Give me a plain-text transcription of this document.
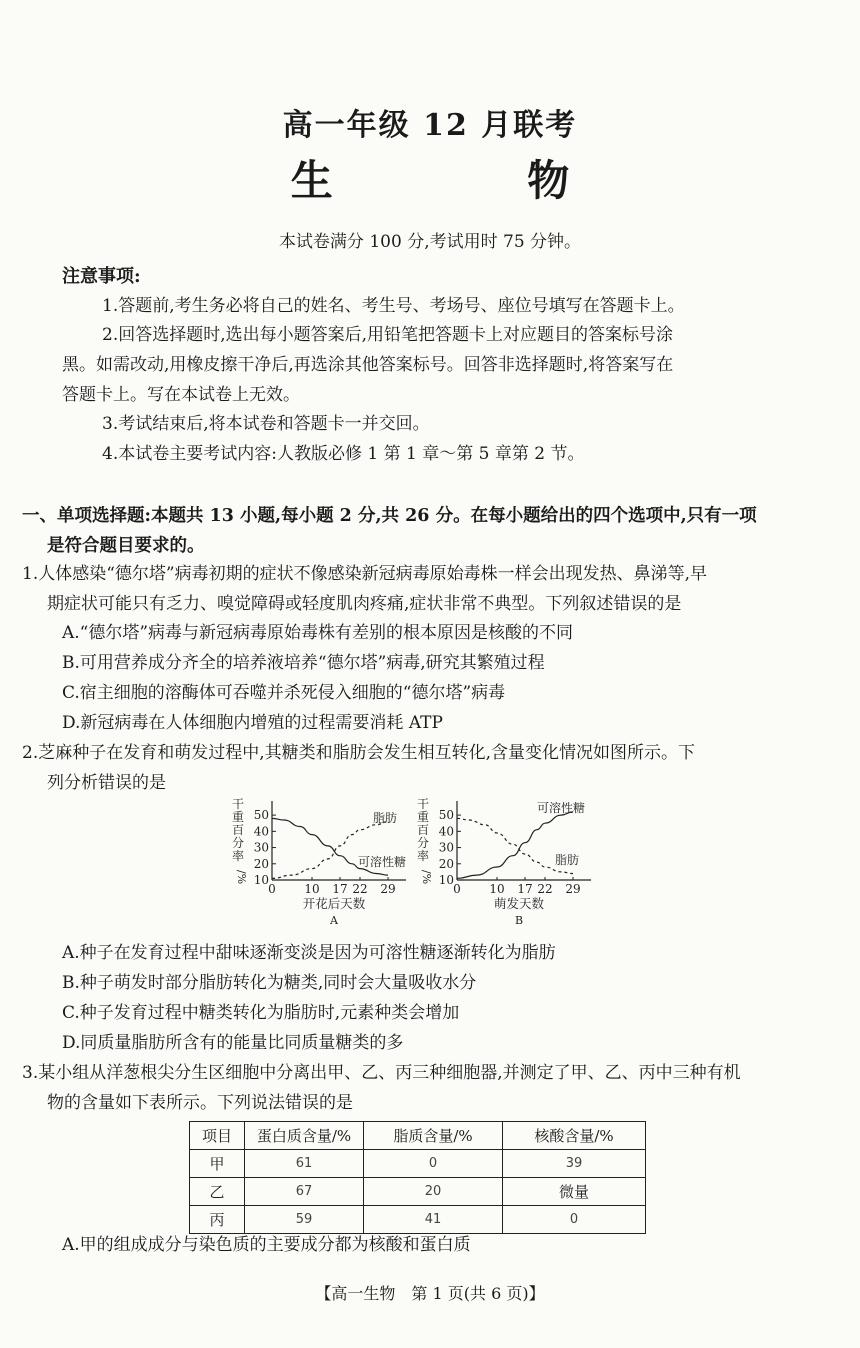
高一年级 12 月联考
生 物
本试卷满分 100 分,考试用时 75 分钟。
注意事项:
1.答题前,考生务必将自己的姓名、考生号、考场号、座位号填写在答题卡上。
2.回答选择题时,选出每小题答案后,用铅笔把答题卡上对应题目的答案标号涂
黑。如需改动,用橡皮擦干净后,再选涂其他答案标号。回答非选择题时,将答案写在
答题卡上。写在本试卷上无效。
3.考试结束后,将本试卷和答题卡一并交回。
4.本试卷主要考试内容:人教版必修 1 第 1 章～第 5 章第 2 节。
一、单项选择题:本题共 13 小题,每小题 2 分,共 26 分。在每小题给出的四个选项中,只有一项
是符合题目要求的。
1.人体感染“德尔塔”病毒初期的症状不像感染新冠病毒原始毒株一样会出现发热、鼻涕等,早
期症状可能只有乏力、嗅觉障碍或轻度肌肉疼痛,症状非常不典型。下列叙述错误的是
A.“德尔塔”病毒与新冠病毒原始毒株有差别的根本原因是核酸的不同
B.可用营养成分齐全的培养液培养“德尔塔”病毒,研究其繁殖过程
C.宿主细胞的溶酶体可吞噬并杀死侵入细胞的“德尔塔”病毒
D.新冠病毒在人体细胞内增殖的过程需要消耗 ATP
2.芝麻种子在发育和萌发过程中,其糖类和脂肪会发生相互转化,含量变化情况如图所示。下
列分析错误的是
10
20
30
40
50
0 10 17 22 29
干
重
百
分
率
/%
开花后天数
A
脂肪
可溶性糖
10
20
30
40
50
0 10 17 22 29
干
重
百
分
率
/%
萌发天数
B
可溶性糖
脂肪
A.种子在发育过程中甜味逐渐变淡是因为可溶性糖逐渐转化为脂肪
B.种子萌发时部分脂肪转化为糖类,同时会大量吸收水分
C.种子发育过程中糖类转化为脂肪时,元素种类会增加
D.同质量脂肪所含有的能量比同质量糖类的多
3.某小组从洋葱根尖分生区细胞中分离出甲、乙、丙三种细胞器,并测定了甲、乙、丙中三种有机
物的含量如下表所示。下列说法错误的是
项目	蛋白质含量/%	脂质含量/%	核酸含量/%
甲	61	0	39
乙	67	20	微量
丙	59	41	0
A.甲的组成成分与染色质的主要成分都为核酸和蛋白质
【高一生物　第 1 页(共 6 页)】
